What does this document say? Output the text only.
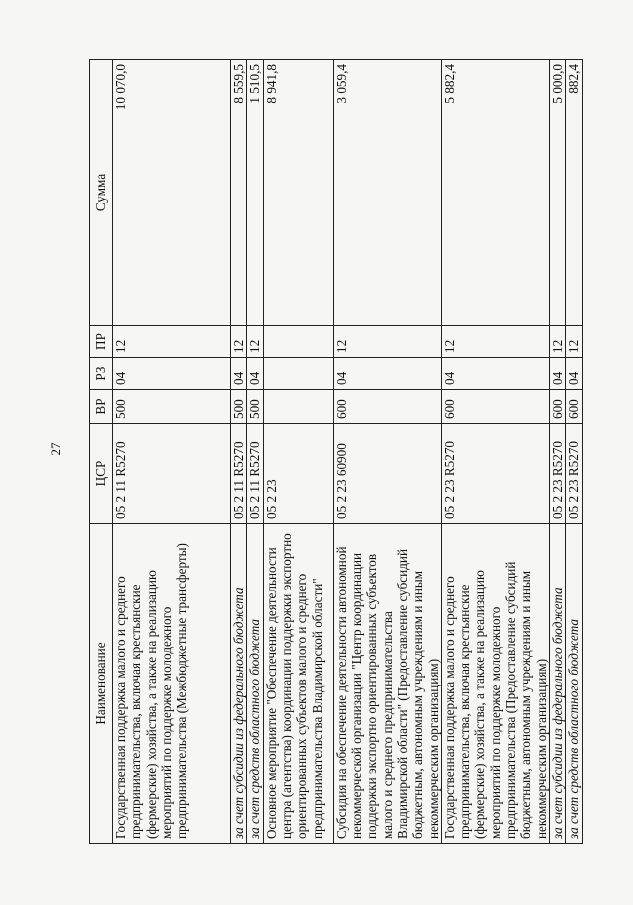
27
Наименование	ЦСР	ВР	РЗ	ПР	Сумма
Государственная поддержка малого и среднего предпринимательства, включая крестьянские (фермерские) хозяйства, а также на реализацию мероприятий по поддержке молодежного предпринимательства (Межбюджетные трансферты)	05 2 11 R5270	500	04	12	10 070,0
за счет субсидии из федерального бюджета	05 2 11 R5270	500	04	12	8 559,5
за счет средств областного бюджета	05 2 11 R5270	500	04	12	1 510,5
Основное мероприятие "Обеспечение деятельности центра (агентства) координации поддержки экспортно ориентированных субъектов малого и среднего предпринимательства Владимирской области"	05 2 23				8 941,8
Субсидия на обеспечение деятельности автономной некоммерческой организации "Центр координации поддержки экспортно ориентированных субъектов малого и среднего предпринимательства Владимирской области" (Предоставление субсидий бюджетным, автономным учреждениям и иным некоммерческим организациям)	05 2 23 60900	600	04	12	3 059,4
Государственная поддержка малого и среднего предпринимательства, включая крестьянские (фермерские) хозяйства, а также на реализацию мероприятий по поддержке молодежного предпринимательства (Предоставление субсидий бюджетным, автономным учреждениям и иным некоммерческим организациям)	05 2 23 R5270	600	04	12	5 882,4
за счет субсидии из федерального бюджета	05 2 23 R5270	600	04	12	5 000,0
за счет средств областного бюджета	05 2 23 R5270	600	04	12	882,4
